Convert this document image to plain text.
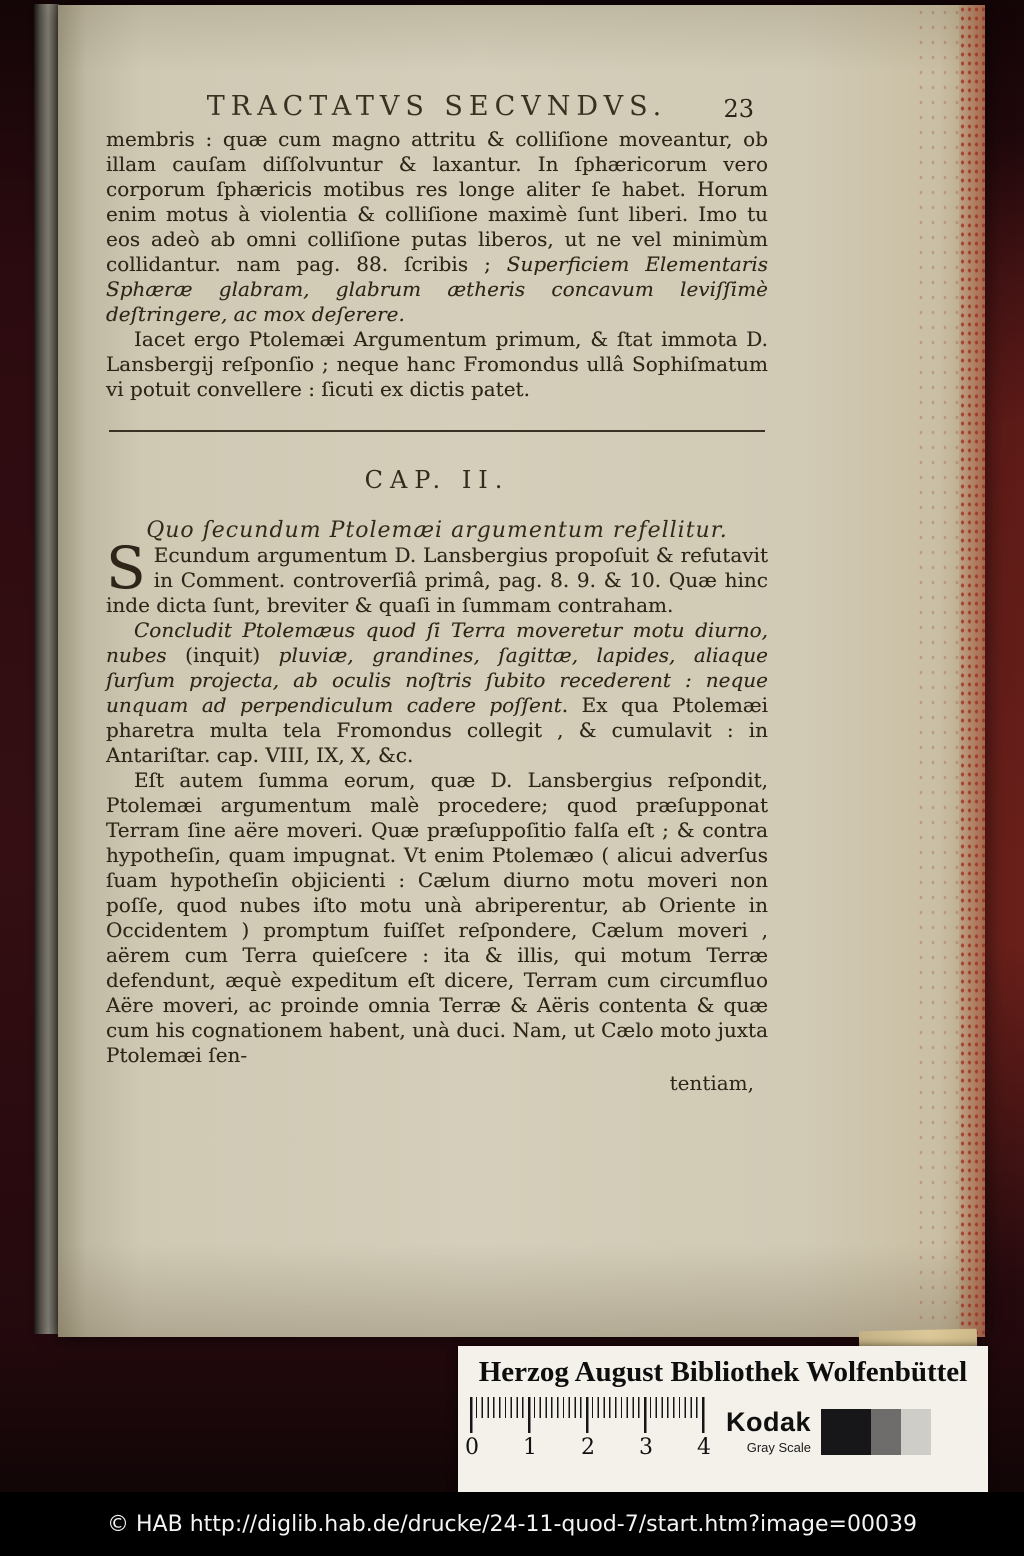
TRACTATVS SECVNDVS. 23

membris : quæ cum magno attritu & colliſione moveantur, ob illam cauſam diſſolvuntur & laxantur. In ſphæricorum vero corporum ſphæricis motibus res longe aliter ſe habet. Horum enim motus à violentia & colliſione maximè ſunt liberi. Imo tu eos adeò ab omni colliſione putas liberos, ut ne vel minimùm collidantur. nam pag. 88. ſcribis ; Superficiem Elementaris Sphæræ glabram, glabrum ætheris concavum leviſſimè deſtringere, ac mox deſerere.

Iacet ergo Ptolemæi Argumentum primum, & ſtat immota D. Lansbergij reſponſio ; neque hanc Fromondus ullâ Sophiſmatum vi potuit convellere : ſicuti ex dictis patet.

CAP. II.
Quo ſecundum Ptolemæi argumentum refellitur.

S Ecundum argumentum D. Lansbergius propoſuit & refutavit in Comment. controverſiâ primâ, pag. 8. 9. & 10. Quæ hinc inde dicta ſunt, breviter & quaſi in ſummam contraham.

Concludit Ptolemæus quod ſi Terra moveretur motu diurno, nubes (inquit) pluviæ, grandines, ſagittæ, lapides, aliaque ſurſum projecta, ab oculis noſtris ſubito recederent : neque unquam ad perpendiculum cadere poſſent. Ex qua Ptolemæi pharetra multa tela Fromondus collegit , & cumulavit : in Antariſtar. cap. VIII, IX, X, &c.

Eſt autem ſumma eorum, quæ D. Lansbergius reſpondit, Ptolemæi argumentum malè procedere; quod præſupponat Terram ſine aëre moveri. Quæ præſuppoſitio falſa eſt ; & contra hypotheſin, quam impugnat. Vt enim Ptolemæo ( alicui adverſus ſuam hypotheſin objicienti : Cælum diurno motu moveri non poſſe, quod nubes iſto motu unà abriperentur, ab Oriente in Occidentem ) promptum fuiſſet reſpondere, Cælum moveri , aërem cum Terra quieſcere : ita & illis, qui motum Terræ defendunt, æquè expeditum eſt dicere, Terram cum circumfluo Aëre moveri, ac proinde omnia Terræ & Aëris contenta & quæ cum his cognationem habent, unà duci. Nam, ut Cælo moto juxta Ptolemæi ſen-

tentiam,
Herzog August Bibliothek Wolfenbüttel
0 1 2 3 4
Kodak
Gray Scale
© HAB http://diglib.hab.de/drucke/24-11-quod-7/start.htm?image=00039
